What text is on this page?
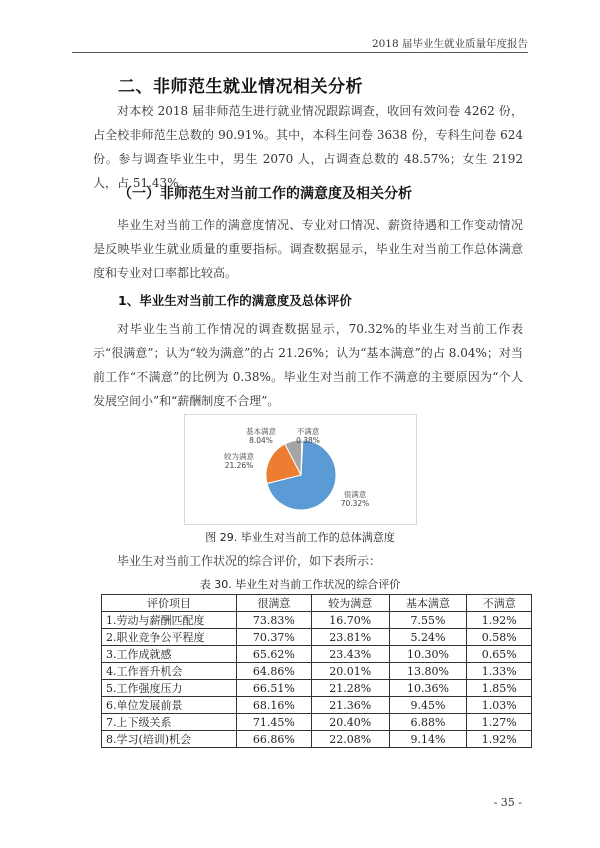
2018 届毕业生就业质量年度报告
二、非师范生就业情况相关分析
对本校 2018 届非师范生进行就业情况跟踪调查，收回有效问卷 4262 份，占全校非师范生总数的 90.91%。其中，本科生问卷 3638 份，专科生问卷 624 份。参与调查毕业生中，男生 2070 人，占调查总数的 48.57%；女生 2192 人，占 51.43%。
（一）非师范生对当前工作的满意度及相关分析
毕业生对当前工作的满意度情况、专业对口情况、薪资待遇和工作变动情况是反映毕业生就业质量的重要指标。调查数据显示，毕业生对当前工作总体满意度和专业对口率都比较高。
1、毕业生对当前工作的满意度及总体评价
对毕业生当前工作情况的调查数据显示，70.32%的毕业生对当前工作表示“很满意”；认为“较为满意”的占 21.26%；认为“基本满意”的占 8.04%；对当前工作“不满意”的比例为 0.38%。毕业生对当前工作不满意的主要原因为“个人发展空间小”和“薪酬制度不合理”。
很满意
70.32%
较为满意
21.26%
基本满意
8.04%
不满意
0.38%
图 29. 毕业生对当前工作的总体满意度
毕业生对当前工作状况的综合评价，如下表所示：
表 30. 毕业生对当前工作状况的综合评价
评价项目	很满意	较为满意	基本满意	不满意
1.劳动与薪酬匹配度	73.83%	16.70%	7.55%	1.92%
2.职业竞争公平程度	70.37%	23.81%	5.24%	0.58%
3.工作成就感	65.62%	23.43%	10.30%	0.65%
4.工作晋升机会	64.86%	20.01%	13.80%	1.33%
5.工作强度压力	66.51%	21.28%	10.36%	1.85%
6.单位发展前景	68.16%	21.36%	9.45%	1.03%
7.上下级关系	71.45%	20.40%	6.88%	1.27%
8.学习(培训)机会	66.86%	22.08%	9.14%	1.92%
- 35 -
